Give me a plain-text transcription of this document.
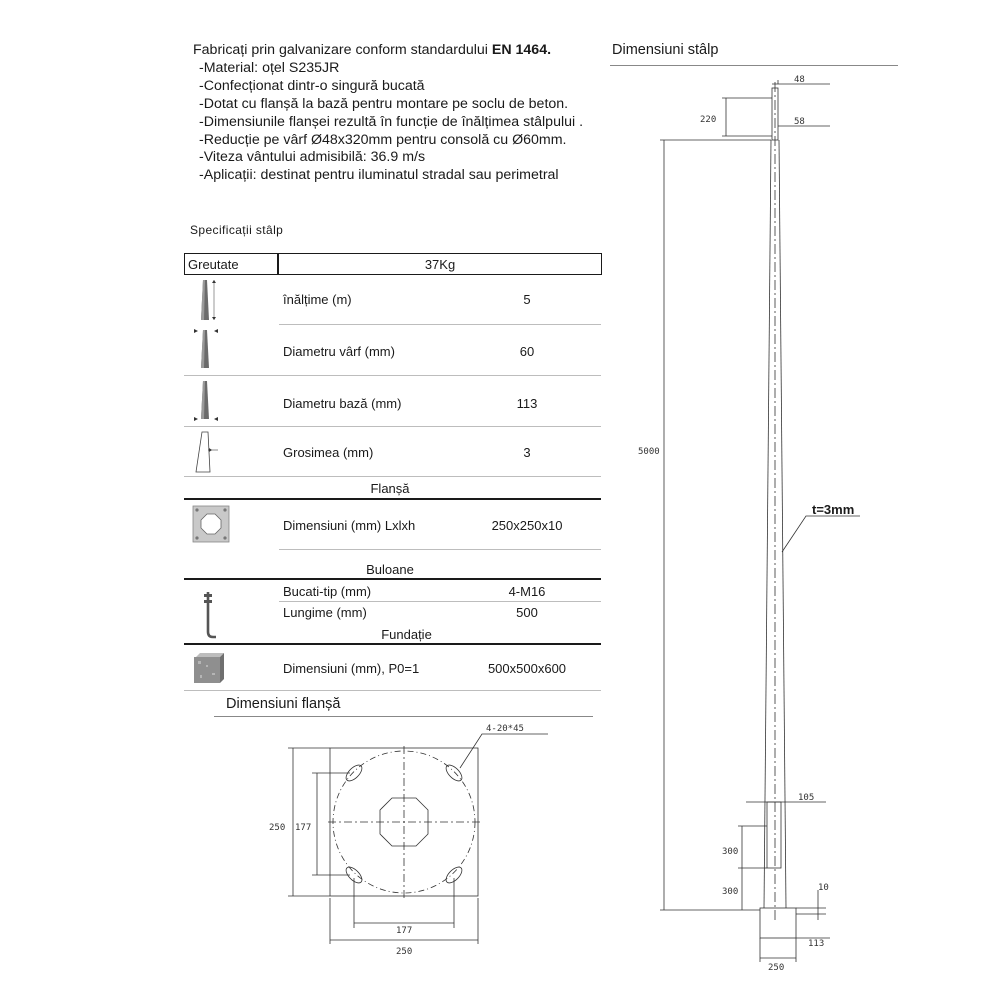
Fabricați prin galvanizare conform standardului EN 1464.
-Material: oțel S235JR
-Confecționat dintr-o singură bucată
-Dotat cu flanșă la bază pentru montare pe soclu de beton.
-Dimensiunile flanșei rezultă în funcție de înălțimea stâlpului .
-Reducție pe vârf Ø48x320mm pentru consolă cu Ø60mm.
-Viteza vântului admisibilă: 36.9 m/s
-Aplicații: destinat pentru iluminatul stradal sau perimetral
Specificații stâlp
Greutate	37Kg
înălțime (m)	5
Diametru vârf (mm)	60
Diametru bază (mm)	113
Grosimea (mm)	3
Flanșă
Dimensiuni (mm) Lxlxh	250x250x10
Buloane
Bucati-tip (mm)	4-M16
Lungime (mm)	500
Fundație
Dimensiuni (mm), P0=1	500x500x600
Dimensiuni flanșă
4-20*45
250 177
177
250
Dimensiuni stâlp
48
220	58
5000
t=3mm
105
300
300	10
113
250
